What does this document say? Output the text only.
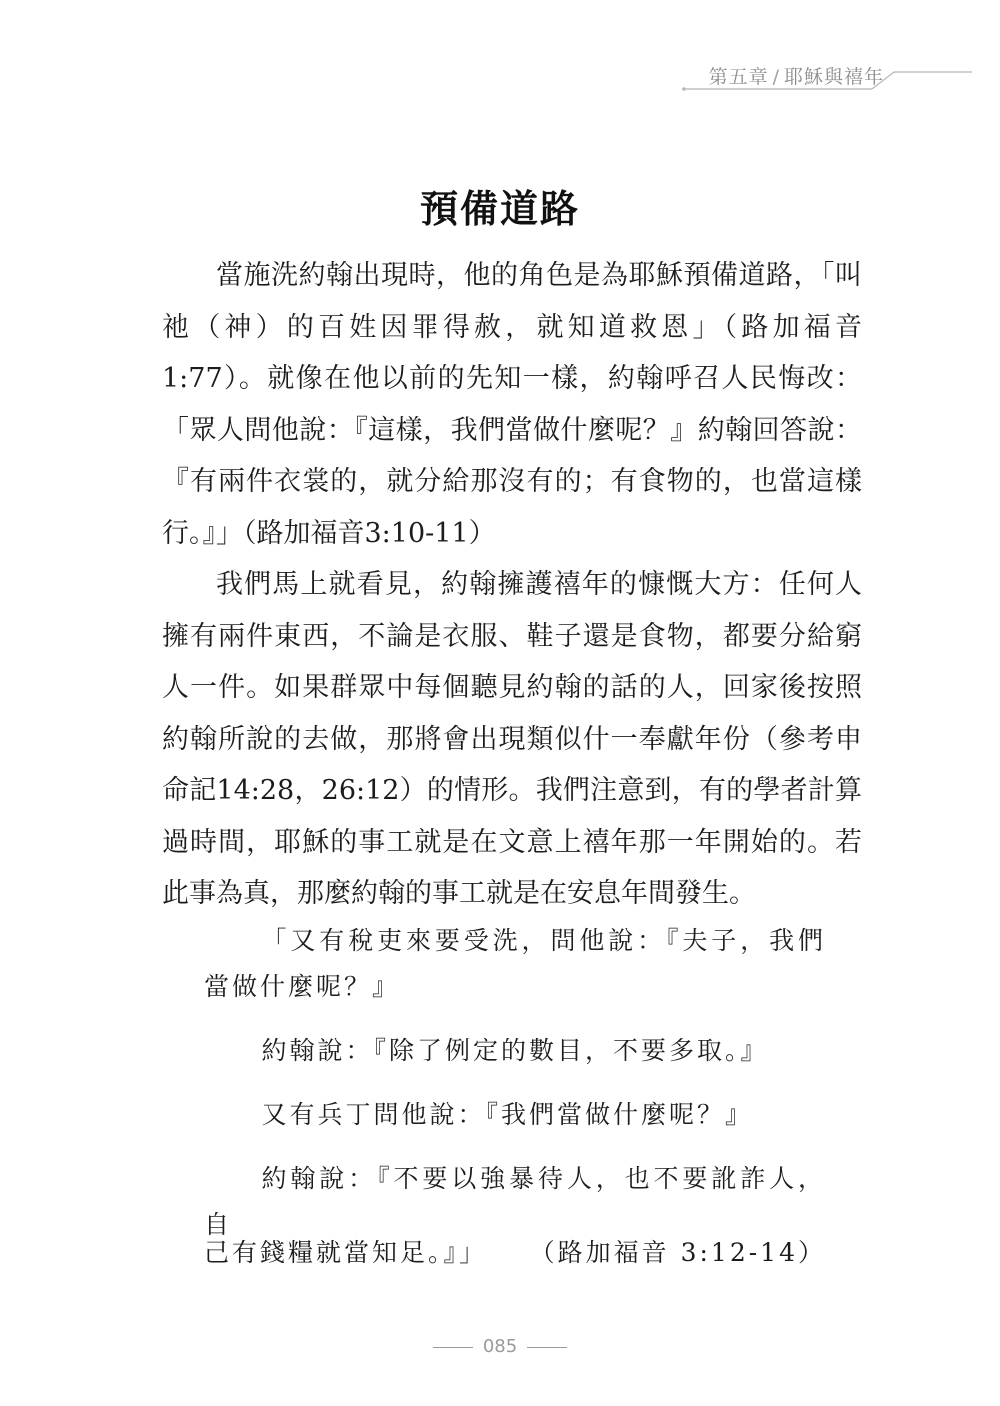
第五章 / 耶穌與禧年
預備道路

當施洗約翰出現時，他的角色是為耶穌預備道路，「叫祂（神）的百姓因罪得赦，就知道救恩」（路加福音 1:77）。就像在他以前的先知一樣，約翰呼召人民悔改：「眾人問他說：『這樣，我們當做什麼呢？』約翰回答說：『有兩件衣裳的，就分給那沒有的；有食物的，也當這樣行。』」（路加福音3:10-11）

我們馬上就看見，約翰擁護禧年的慷慨大方：任何人擁有兩件東西，不論是衣服、鞋子還是食物，都要分給窮人一件。如果群眾中每個聽見約翰的話的人，回家後按照約翰所說的去做，那將會出現類似什一奉獻年份（參考申命記14:28，26:12）的情形。我們注意到，有的學者計算過時間，耶穌的事工就是在文意上禧年那一年開始的。若此事為真，那麼約翰的事工就是在安息年間發生。

「又有稅吏來要受洗，問他說：『夫子，我們當做什麼呢？』

約翰說：『除了例定的數目，不要多取。』

又有兵丁問他說：『我們當做什麼呢？』

約翰說：『不要以強暴待人，也不要訛詐人，自

己有錢糧就當知足。』」 （路加福音 3:12-14）
085
